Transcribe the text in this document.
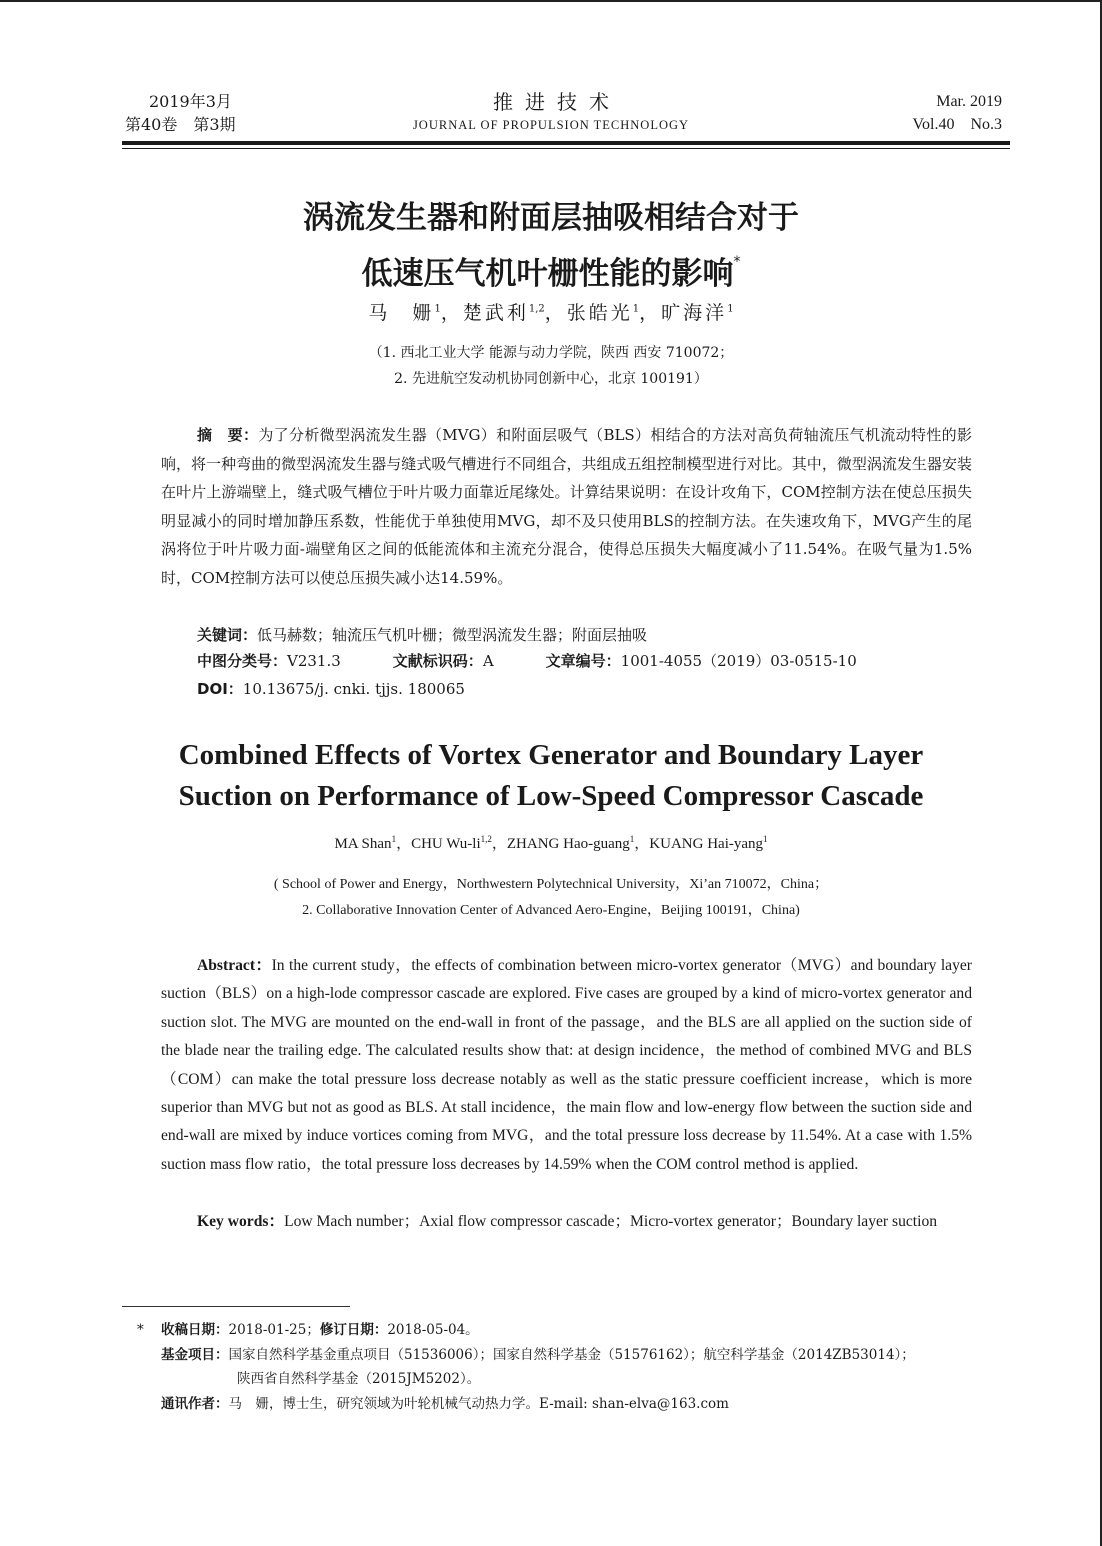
2019年3月
第40卷　第3期
推进技术
JOURNAL OF PROPULSION TECHNOLOGY
Mar. 2019
Vol.40　No.3
涡流发生器和附面层抽吸相结合对于
低速压气机叶栅性能的影响*
马　姗$^1$，楚武利$^{1,2}$，张皓光$^1$，旷海洋$^1$
（1. 西北工业大学 能源与动力学院，陕西 西安 710072；
2. 先进航空发动机协同创新中心，北京 100191）
摘　要：为了分析微型涡流发生器（MVG）和附面层吸气（BLS）相结合的方法对高负荷轴流压气机流动特性的影响，将一种弯曲的微型涡流发生器与缝式吸气槽进行不同组合，共组成五组控制模型进行对比。其中，微型涡流发生器安装在叶片上游端壁上，缝式吸气槽位于叶片吸力面靠近尾缘处。计算结果说明：在设计攻角下，COM控制方法在使总压损失明显减小的同时增加静压系数，性能优于单独使用MVG，却不及只使用BLS的控制方法。在失速攻角下，MVG产生的尾涡将位于叶片吸力面-端壁角区之间的低能流体和主流充分混合，使得总压损失大幅度减小了11.54%。在吸气量为1.5%时，COM控制方法可以使总压损失减小达14.59%。
关键词：低马赫数；轴流压气机叶栅；微型涡流发生器；附面层抽吸
中图分类号：V231.3	文献标识码：A	文章编号：1001-4055（2019）03-0515-10
DOI：10.13675/j. cnki. tjjs. 180065
Combined Effects of Vortex Generator and Boundary Layer
Suction on Performance of Low-Speed Compressor Cascade
MA Shan$^1$，CHU Wu-li$^{1,2}$，ZHANG Hao-guang$^1$，KUANG Hai-yang$^1$
( School of Power and Energy，Northwestern Polytechnical University，Xi’an 710072，China；
2. Collaborative Innovation Center of Advanced Aero-Engine，Beijing 100191，China)
Abstract：In the current study，the effects of combination between micro-vortex generator（MVG）and boundary layer suction（BLS）on a high-lode compressor cascade are explored. Five cases are grouped by a kind of micro-vortex generator and suction slot. The MVG are mounted on the end-wall in front of the passage，and the BLS are all applied on the suction side of the blade near the trailing edge. The calculated results show that: at design incidence，the method of combined MVG and BLS（COM）can make the total pressure loss decrease notably as well as the static pressure coefficient increase，which is more superior than MVG but not as good as BLS. At stall incidence，the main flow and low-energy flow between the suction side and end-wall are mixed by induce vortices coming from MVG，and the total pressure loss decrease by 11.54%. At a case with 1.5% suction mass flow ratio，the total pressure loss decreases by 14.59% when the COM control method is applied.
Key words：Low Mach number；Axial flow compressor cascade；Micro-vortex generator；Boundary layer suction
*	收稿日期：2018-01-25；修订日期：2018-05-04。
基金项目：国家自然科学基金重点项目（51536006）；国家自然科学基金（51576162）；航空科学基金（2014ZB53014）；
陕西省自然科学基金（2015JM5202）。
通讯作者：马　姗，博士生，研究领域为叶轮机械气动热力学。E-mail: shan-elva@163.com
